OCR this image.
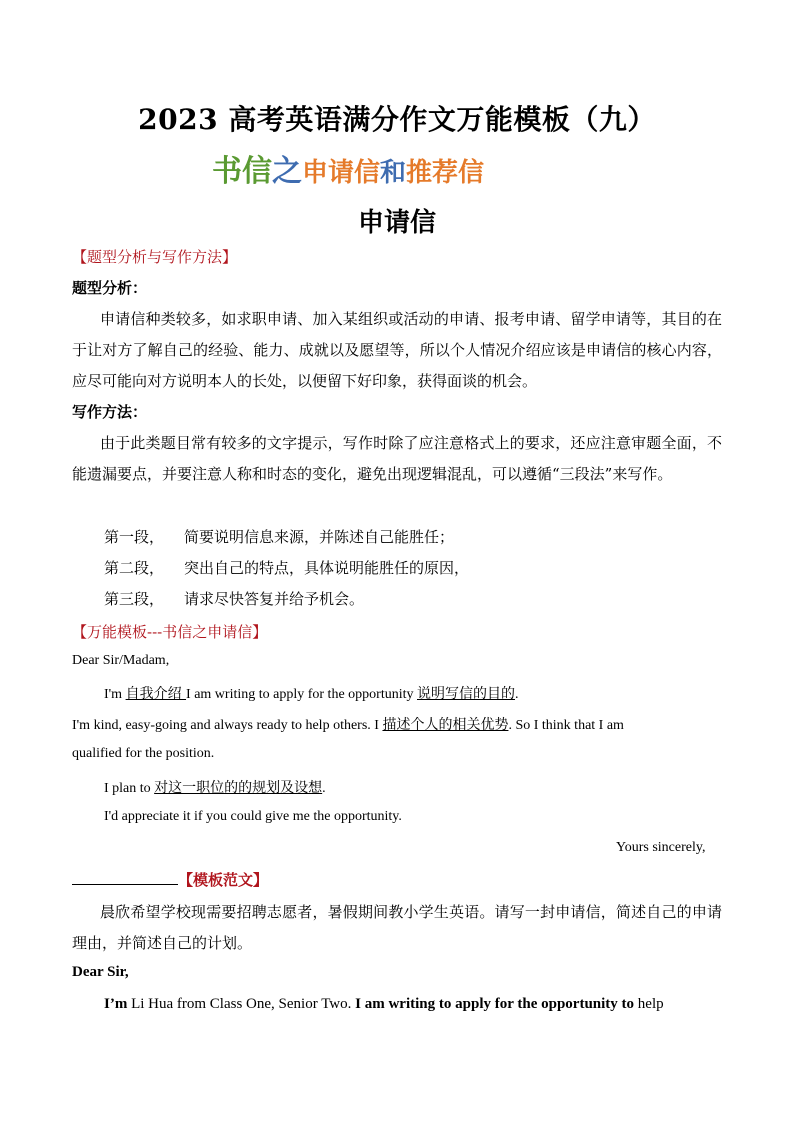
2023 高考英语满分作文万能模板（九）
书信之申请信和推荐信
申请信
【题型分析与写作方法】
题型分析：
申请信种类较多，如求职申请、加入某组织或活动的申请、报考申请、留学申请等，其目的在于让对方了解自己的经验、能力、成就以及愿望等，所以个人情况介绍应该是申请信的核心内容，应尽可能向对方说明本人的长处，以便留下好印象，获得面谈的机会。
写作方法：
由于此类题目常有较多的文字提示，写作时除了应注意格式上的要求，还应注意审题全面，不能遗漏要点，并要注意人称和时态的变化，避免出现逻辑混乱，可以遵循“三段法”来写作。
第一段， 简要说明信息来源，并陈述自己能胜任；
第二段， 突出自己的特点，具体说明能胜任的原因，
第三段， 请求尽快答复并给予机会。
【万能模板---书信之申请信】
Dear Sir/Madam,
I'm 自我介绍 I am writing to apply for the opportunity 说明写信的目的.
I'm kind, easy-going and always ready to help others. I 描述个人的相关优势. So I think that I am
qualified for the position.
I plan to 对这一职位的的规划及设想.
I'd appreciate it if you could give me the opportunity.
Yours sincerely,
【模板范文】
晨欣希望学校现需要招聘志愿者，暑假期间教小学生英语。请写一封申请信，简述自己的申请理由，并简述自己的计划。
Dear Sir,
I’m Li Hua from Class One, Senior Two. I am writing to apply for the opportunity to help
